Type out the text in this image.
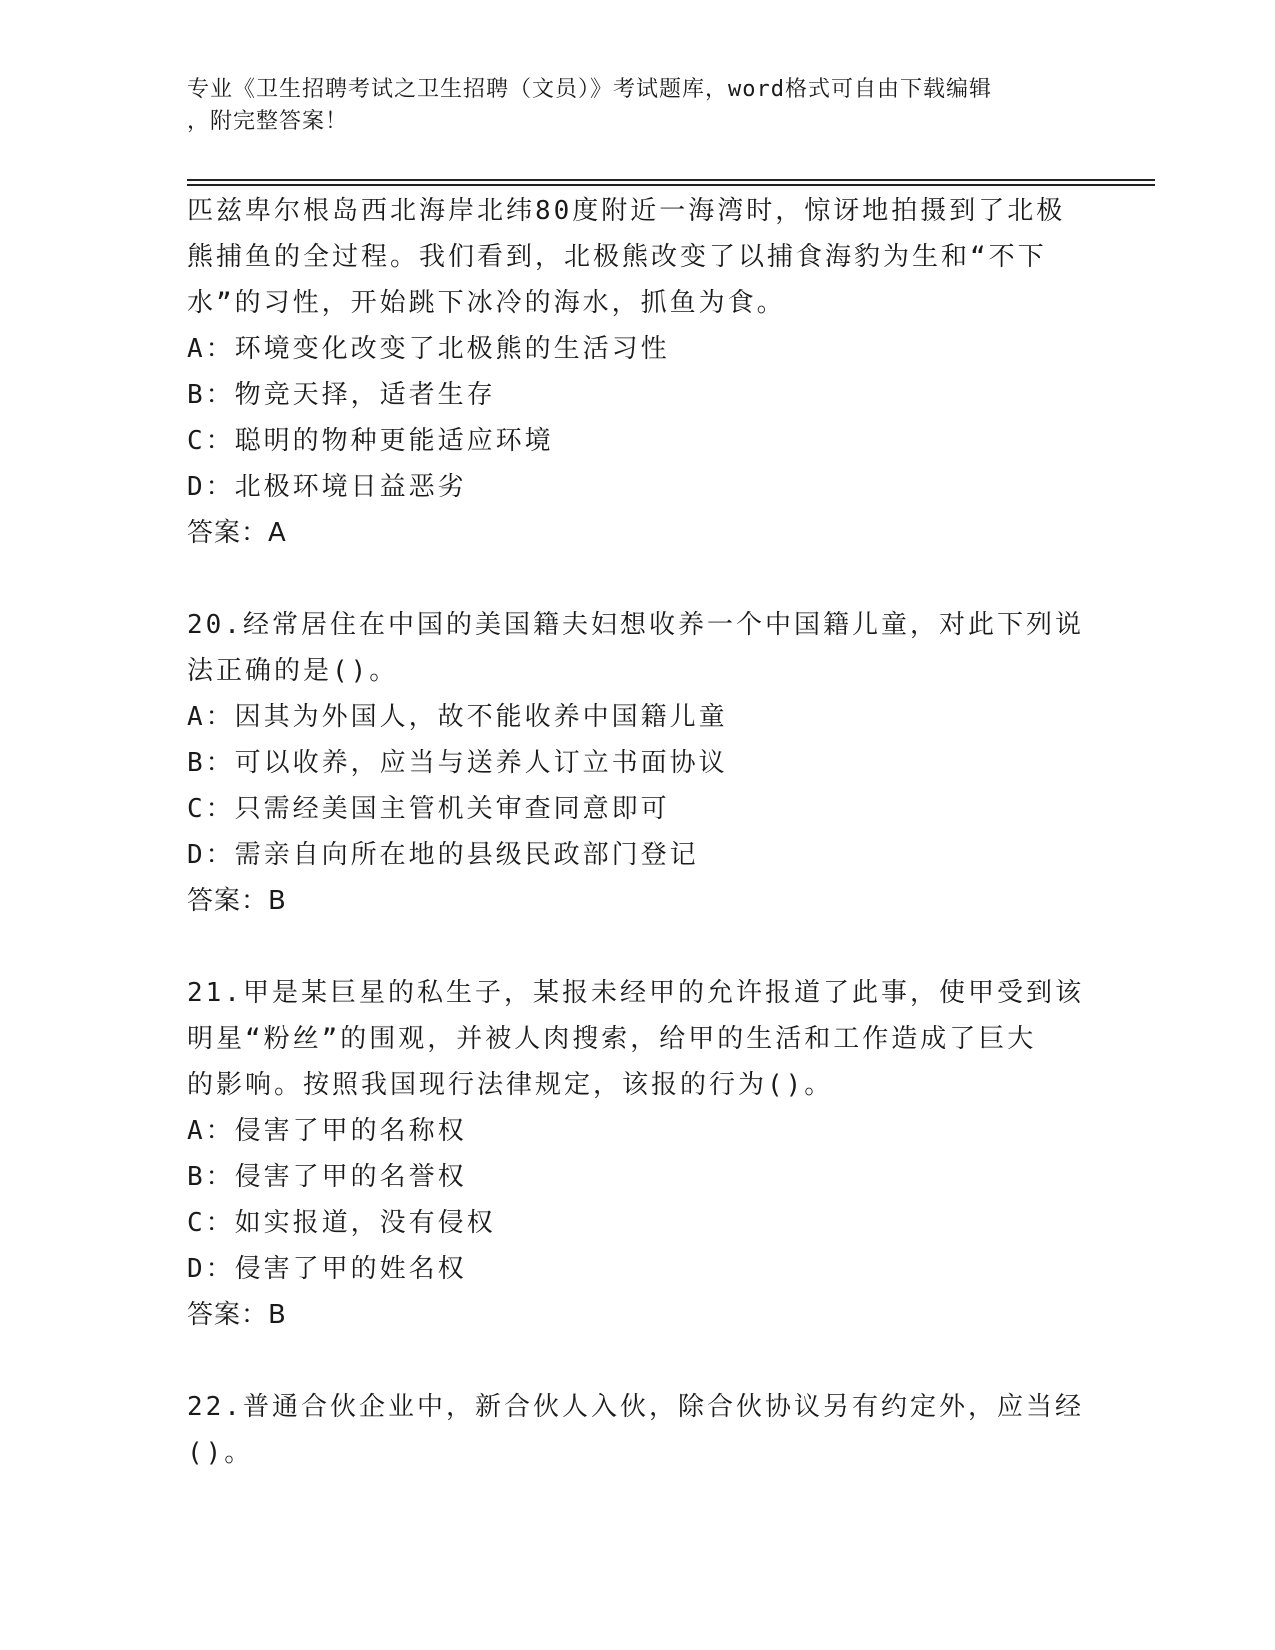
专业《卫生招聘考试之卫生招聘（文员）》考试题库，word格式可自由下载编辑
，附完整答案！

匹兹卑尔根岛西北海岸北纬80度附近一海湾时，惊讶地拍摄到了北极

熊捕鱼的全过程。我们看到，北极熊改变了以捕食海豹为生和“不下

水”的习性，开始跳下冰冷的海水，抓鱼为食。

A：环境变化改变了北极熊的生活习性

B：物竞天择，适者生存

C：聪明的物种更能适应环境

D：北极环境日益恶劣

答案：A

20.经常居住在中国的美国籍夫妇想收养一个中国籍儿童，对此下列说

法正确的是()。

A：因其为外国人，故不能收养中国籍儿童

B：可以收养，应当与送养人订立书面协议

C：只需经美国主管机关审查同意即可

D：需亲自向所在地的县级民政部门登记

答案：B

21.甲是某巨星的私生子，某报未经甲的允许报道了此事，使甲受到该

明星“粉丝”的围观，并被人肉搜索，给甲的生活和工作造成了巨大

的影响。按照我国现行法律规定，该报的行为()。

A：侵害了甲的名称权

B：侵害了甲的名誉权

C：如实报道，没有侵权

D：侵害了甲的姓名权

答案：B

22.普通合伙企业中，新合伙人入伙，除合伙协议另有约定外，应当经

()。
